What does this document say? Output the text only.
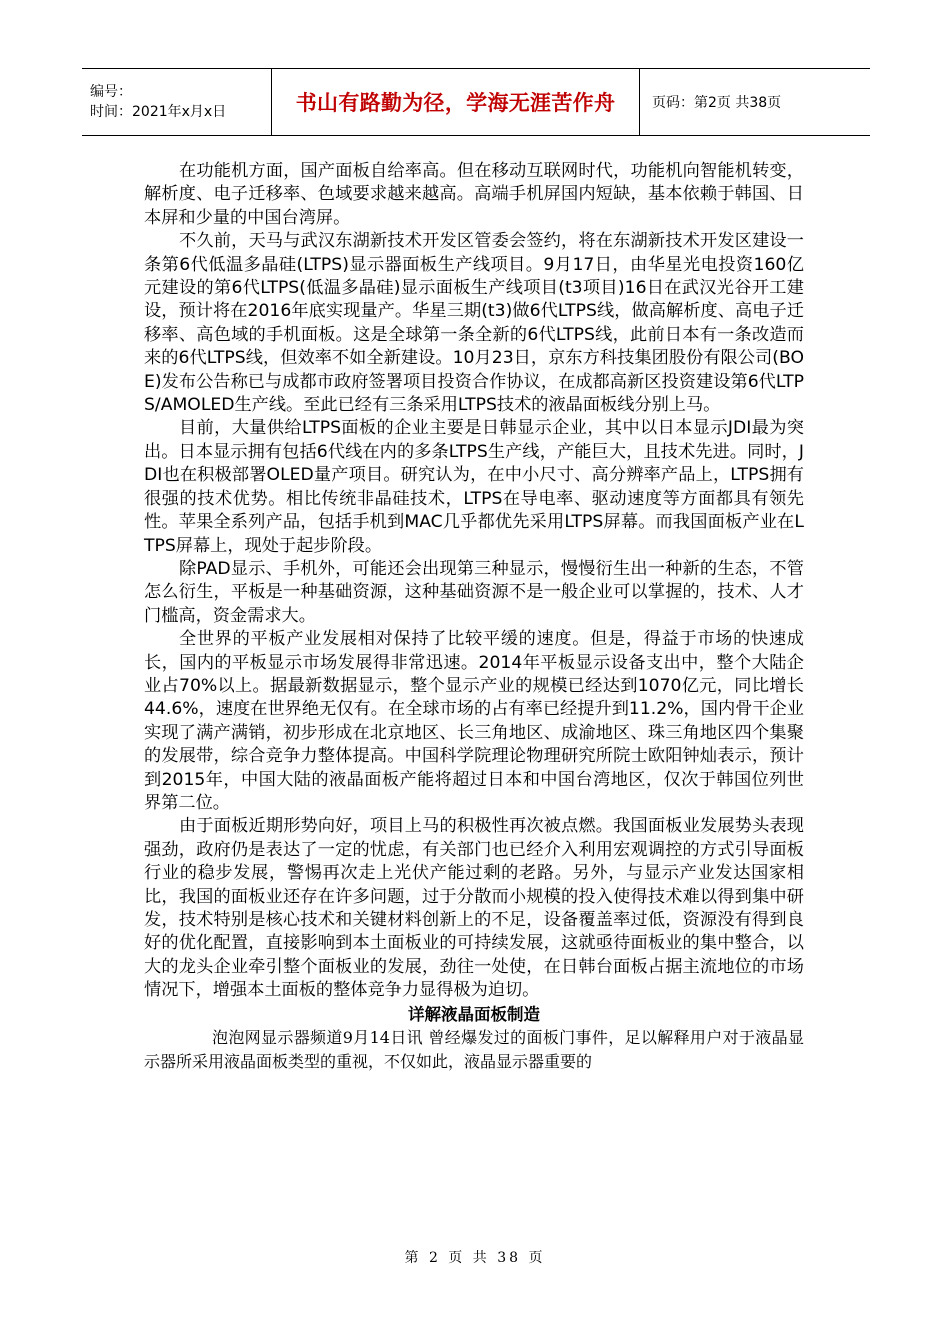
编号：
时间：2021年x月x日	书山有路勤为径，学海无涯苦作舟	页码：第2页 共38页

在功能机方面，国产面板自给率高。但在移动互联网时代，功能机向智能机转变，解析度、电子迁移率、色域要求越来越高。高端手机屏国内短缺，基本依赖于韩国、日本屏和少量的中国台湾屏。

不久前，天马与武汉东湖新技术开发区管委会签约，将在东湖新技术开发区建设一条第6代低温多晶硅(LTPS)显示器面板生产线项目。9月17日，由华星光电投资160亿元建设的第6代LTPS(低温多晶硅)显示面板生产线项目(t3项目)16日在武汉光谷开工建设，预计将在2016年底实现量产。华星三期(t3)做6代LTPS线，做高解析度、高电子迁移率、高色域的手机面板。这是全球第一条全新的6代LTPS线，此前日本有一条改造而来的6代LTPS线，但效率不如全新建设。10月23日，京东方科技集团股份有限公司(BOE)发布公告称已与成都市政府签署项目投资合作协议，在成都高新区投资建设第6代LTPS/AMOLED生产线。至此已经有三条采用LTPS技术的液晶面板线分别上马。

目前，大量供给LTPS面板的企业主要是日韩显示企业，其中以日本显示JDI最为突出。日本显示拥有包括6代线在内的多条LTPS生产线，产能巨大，且技术先进。同时，JDI也在积极部署OLED量产项目。研究认为，在中小尺寸、高分辨率产品上，LTPS拥有很强的技术优势。相比传统非晶硅技术，LTPS在导电率、驱动速度等方面都具有领先性。苹果全系列产品，包括手机到MAC几乎都优先采用LTPS屏幕。而我国面板产业在LTPS屏幕上，现处于起步阶段。

除PAD显示、手机外，可能还会出现第三种显示，慢慢衍生出一种新的生态，不管怎么衍生，平板是一种基础资源，这种基础资源不是一般企业可以掌握的，技术、人才门槛高，资金需求大。

全世界的平板产业发展相对保持了比较平缓的速度。但是，得益于市场的快速成长，国内的平板显示市场发展得非常迅速。2014年平板显示设备支出中，整个大陆企业占70%以上。据最新数据显示，整个显示产业的规模已经达到1070亿元，同比增长44.6%，速度在世界绝无仅有。在全球市场的占有率已经提升到11.2%，国内骨干企业实现了满产满销，初步形成在北京地区、长三角地区、成渝地区、珠三角地区四个集聚的发展带，综合竞争力整体提高。中国科学院理论物理研究所院士欧阳钟灿表示，预计到2015年，中国大陆的液晶面板产能将超过日本和中国台湾地区，仅次于韩国位列世界第二位。

由于面板近期形势向好，项目上马的积极性再次被点燃。我国面板业发展势头表现强劲，政府仍是表达了一定的忧虑，有关部门也已经介入利用宏观调控的方式引导面板行业的稳步发展，警惕再次走上光伏产能过剩的老路。另外，与显示产业发达国家相比，我国的面板业还存在许多问题，过于分散而小规模的投入使得技术难以得到集中研发，技术特别是核心技术和关键材料创新上的不足，设备覆盖率过低，资源没有得到良好的优化配置，直接影响到本土面板业的可持续发展，这就亟待面板业的集中整合，以大的龙头企业牵引整个面板业的发展，劲往一处使，在日韩台面板占据主流地位的市场情况下，增强本土面板的整体竞争力显得极为迫切。

详解液晶面板制造

泡泡网显示器频道9月14日讯 曾经爆发过的面板门事件，足以解释用户对于液晶显示器所采用液晶面板类型的重视，不仅如此，液晶显示器重要的

第 2 页 共 38 页
